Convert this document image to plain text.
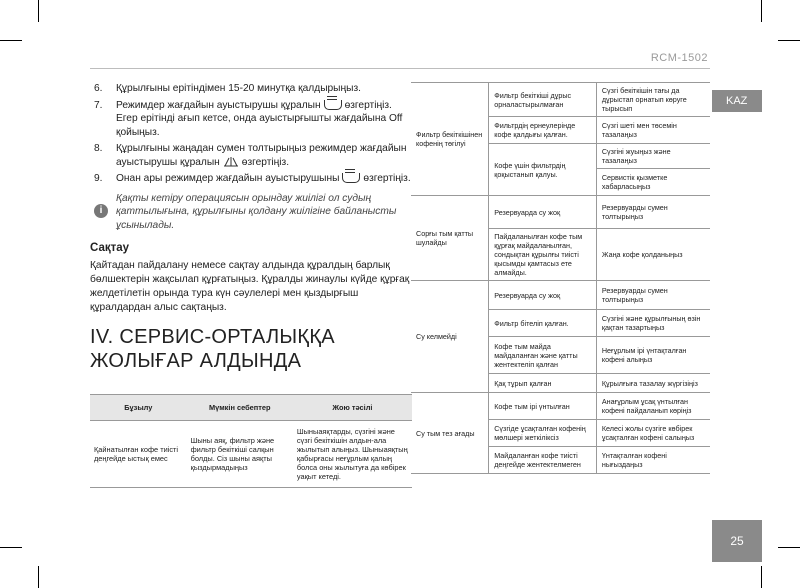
RCM-1502
KAZ
25
6.	Құрылғыны ерітіндімен 15-20 минутқа қалдырыңыз.
7.	Режимдер жағдайын ауыстырушы құралын өзгертіңіз. Егер ерітінді ағып кетсе, онда ауыстырғышты жағдайына Off қойыңыз.
8.	Құрылғыны жаңадан сумен толтырыңыз режимдер жағдайын ауыстырушы құралын өзгертіңіз.
9.	Онан ары режимдер жағдайын ауыстырушыны өзгертіңіз.
i
Қақты кетіру операциясын орындау жиілігі ол судың қаттылығына, құрылғыны қолдану жиілігіне байланысты ұсынылады.
Сақтау
Қайтадан пайдалану немесе сақтау алдында құралдың барлық бөлшектерін жақсылап құрғатыңыз. Құралды жинаулы күйде құрғақ желдетілетін орында тура күн сәулелері мен қыздырғыш құралдардан алыс сақтаңыз.
IV. СЕРВИС-ОРТАЛЫҚҚА ЖОЛЫҒАР АЛДЫНДА
Бұзылу	Мүмкін себептер	Жою тәсілі
Қайнатылған кофе тиісті деңгейде ыстық емес	Шыны аяқ, фильтр және фильтр бекіткіші салқын болды. Сіз шыны аяқты қыздырмадыңыз	Шыныаяқтарды, сүзгіні және сүзгі бекіткішін алдын-ала жылытып алыңыз. Шыныаяқтың қабырғасы неғұрлым қалың болса оны жылытуға да көбірек уақыт кетеді.
Фильтр бекіткішінен кофенің төгілуі	Фильтр бекіткіші дұрыс орналастырылмаған	Сүзгі бекіткішін тағы да дұрыстап орнатып көруге тырысып
	Фильтрдің ернеулерінде кофе қалдығы қалған.	Сүзгі шеті мен төсемін тазалаңыз
	Кофе үшін фильтрдің қоқыстанып қалуы.	Сүзгіні жуыңыз және тазалаңыз
		Сервистік қызметке хабарласыңыз
Сорғы тым қатты шулайды	Резервуарда су жоқ	Резервуарды сумен толтырыңыз
	Пайдаланылған кофе тым құрғақ майдаланылған, сондықтан құрылғы тиісті қысымды қамтасыз ете алмайды.	Жаңа кофе қолданыңыз
Су келмейді	Резервуарда су жоқ	Резервуарды сумен толтырыңыз
	Фильтр бітеліп қалған.	Сүзгіні және құрылғының өзін қақтан тазартыңыз
	Кофе тым майда майдаланған және қатты жентектеліп қалған	Неғұрлым ірі үнтақталған кофені алыңыз
	Қақ тұрып қалған	Құрылғыға тазалау жүргізіңіз
Су тым тез ағады	Кофе тым ірі үнтылған	Анағұрлым ұсақ үнтылған кофені пайдаланып көріңіз
	Сүзгіде ұсақталған кофенің мөлшері жеткіліксіз	Келесі жолы сүзгіге көбірек ұсақталған кофені салыңыз
	Майдаланған кофе тиісті деңгейде жентектелмеген	Үнтақталған кофені нығыздаңыз
